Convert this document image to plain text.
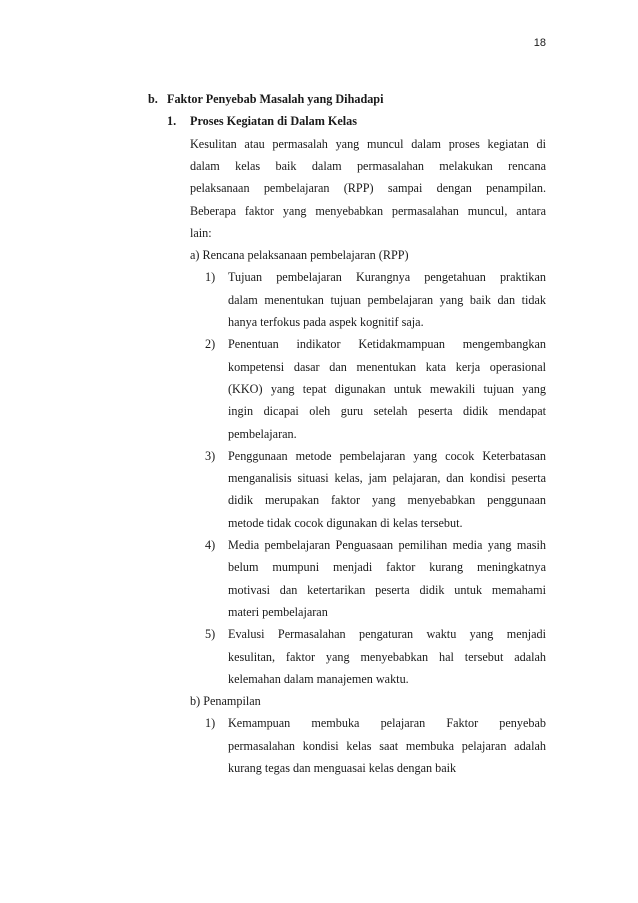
18
b. Faktor Penyebab Masalah yang Dihadapi
1. Proses Kegiatan di Dalam Kelas
Kesulitan atau permasalah yang muncul dalam proses kegiatan di
dalam kelas baik dalam permasalahan melakukan rencana
pelaksanaan pembelajaran (RPP) sampai dengan penampilan.
Beberapa faktor yang menyebabkan permasalahan muncul, antara
lain:
a) Rencana pelaksanaan pembelajaran (RPP)
1) Tujuan pembelajaran Kurangnya pengetahuan praktikan
dalam menentukan tujuan pembelajaran yang baik dan tidak
hanya terfokus pada aspek kognitif saja.
2) Penentuan indikator Ketidakmampuan mengembangkan
kompetensi dasar dan menentukan kata kerja operasional
(KKO) yang tepat digunakan untuk mewakili tujuan yang
ingin dicapai oleh guru setelah peserta didik mendapat
pembelajaran.
3) Penggunaan metode pembelajaran yang cocok Keterbatasan
menganalisis situasi kelas, jam pelajaran, dan kondisi peserta
didik merupakan faktor yang menyebabkan penggunaan
metode tidak cocok digunakan di kelas tersebut.
4) Media pembelajaran Penguasaan pemilihan media yang masih
belum mumpuni menjadi faktor kurang meningkatnya
motivasi dan ketertarikan peserta didik untuk memahami
materi pembelajaran
5) Evalusi Permasalahan pengaturan waktu yang menjadi
kesulitan, faktor yang menyebabkan hal tersebut adalah
kelemahan dalam manajemen waktu.
b) Penampilan
1) Kemampuan membuka pelajaran Faktor penyebab
permasalahan kondisi kelas saat membuka pelajaran adalah
kurang tegas dan menguasai kelas dengan baik
